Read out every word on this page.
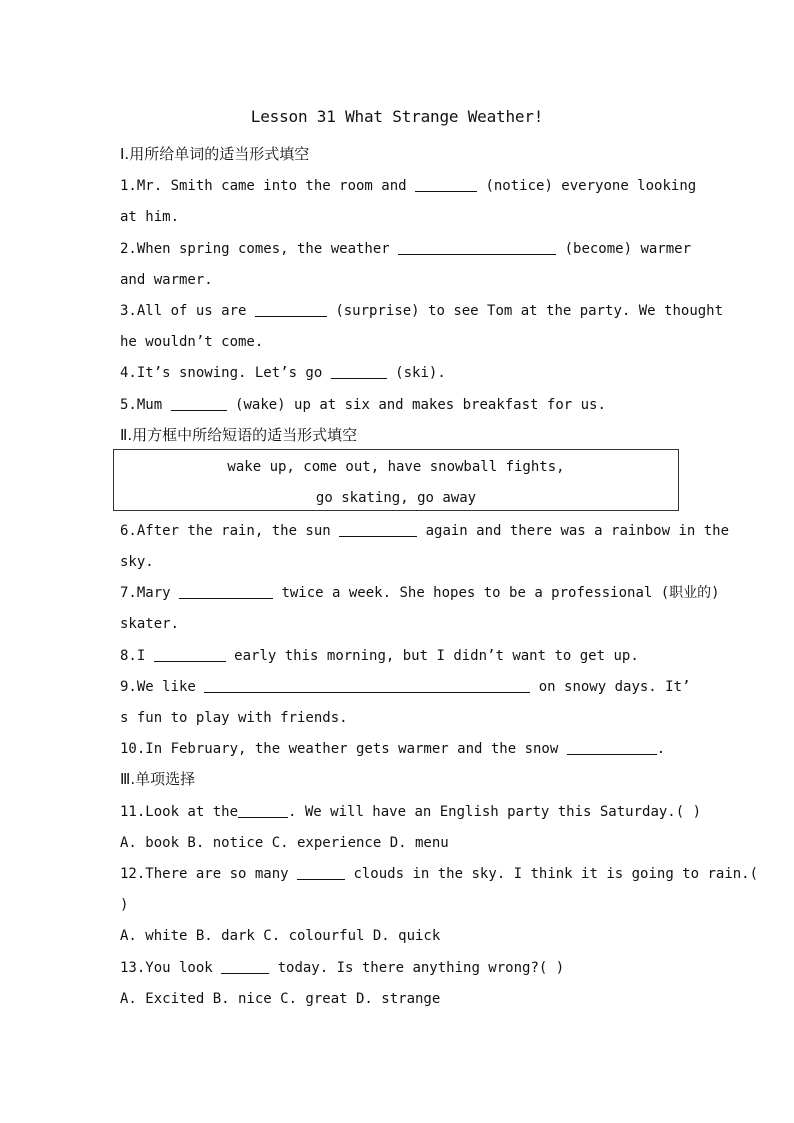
Lesson 31 What Strange Weather!
Ⅰ.用所给单词的适当形式填空
1.Mr. Smith came into the room and	(notice) everyone looking
at him.
2.When spring comes, the weather	(become) warmer
and warmer.
3.All of us are	(surprise) to see Tom at the party. We thought
he wouldn’t come.
4.It’s snowing. Let’s go	(ski).
5.Mum	(wake) up at six and makes breakfast for us.
Ⅱ.用方框中所给短语的适当形式填空
wake up, come out, have snowball fights,
go skating, go away
6.After the rain, the sun	again and there was a rainbow in the
sky.
7.Mary	twice a week. She hopes to be a professional (职业的)
skater.
8.I	early this morning, but I didn’t want to get up.
9.We like	on snowy days. It’
s fun to play with friends.
10.In February, the weather gets warmer and the snow	.
Ⅲ.单项选择
11.Look at the	. We will have an English party this Saturday.( )
A. book B. notice C. experience D. menu
12.There are so many	clouds in the sky. I think it is going to rain.(
)
A. white B. dark C. colourful D. quick
13.You look	today. Is there anything wrong?( )
A. Excited B. nice C. great D. strange
